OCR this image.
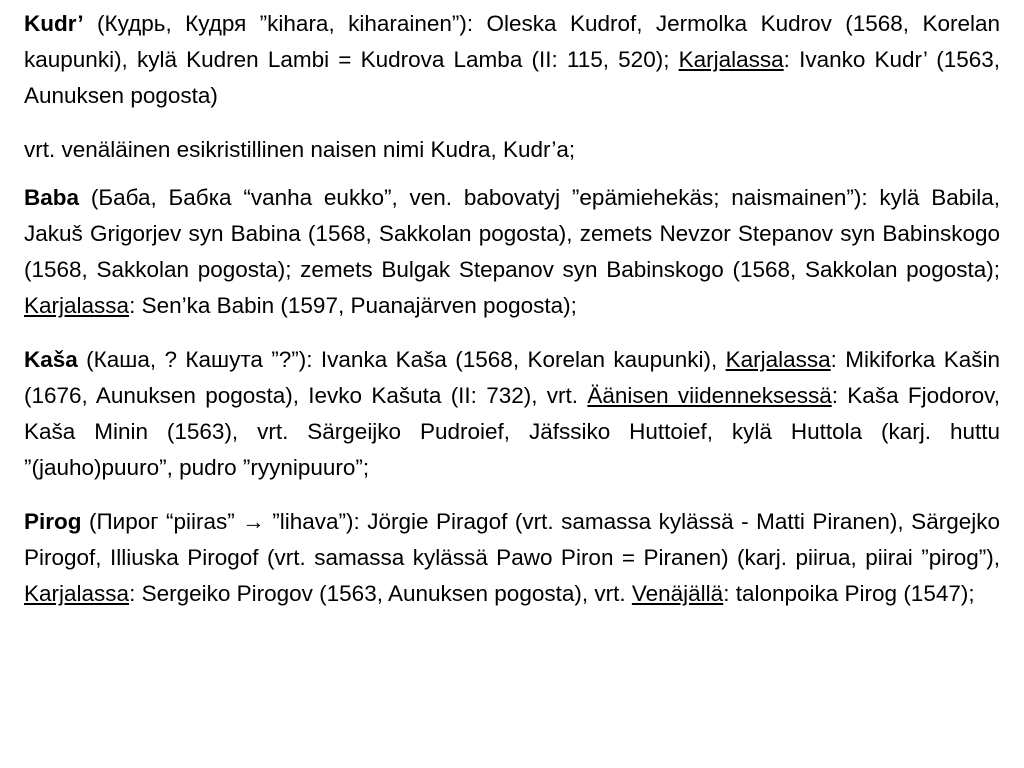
Kudr’ (Кудрь, Кудря ”kihara, kiharainen”): Oleska Kudrof, Jermolka Kudrov (1568, Korelan kaupunki), kylä Kudren Lambi = Kudrova Lamba (II: 115, 520); Karjalassa: Ivanko Kudr’ (1563, Aunuksen pogosta)

vrt. venäläinen esikristillinen naisen nimi Kudra, Kudr’a;

Baba (Баба, Бабка “vanha eukko”, ven. babovatyj ”epämiehekäs; naismainen”): kylä Babila, Jakuš Grigorjev syn Babina (1568, Sakkolan pogosta), zemets Nevzor Stepanov syn Babinskogo (1568, Sakkolan pogosta); zemets Bulgak Stepanov syn Babinskogo (1568, Sakkolan pogosta); Karjalassa: Sen’ka Babin (1597, Puanajärven pogosta);

Kaša (Каша, ? Кашута ”?”): Ivanka Kaša (1568, Korelan kaupunki), Karjalassa: Mikiforka Kašin (1676, Aunuksen pogosta), Ievko Kašuta (II: 732), vrt. Äänisen viidenneksessä: Kaša Fjodorov, Kaša Minin (1563), vrt. Särgeijko Pudroief, Jäfssiko Huttoief, kylä Huttola (karj. huttu ”(jauho)puuro”, pudro ”ryynipuuro”;

Pirog (Пирог “piiras” → ”lihava”): Jörgie Piragof (vrt. samassa kylässä - Matti Piranen), Särgejko Pirogof, Illiuska Pirogof (vrt. samassa kylässä Pawo Piron = Piranen) (karj. piirua, piirai ”pirog”), Karjalassa: Sergeiko Pirogov (1563, Aunuksen pogosta), vrt. Venäjällä: talonpoika Pirog (1547);
